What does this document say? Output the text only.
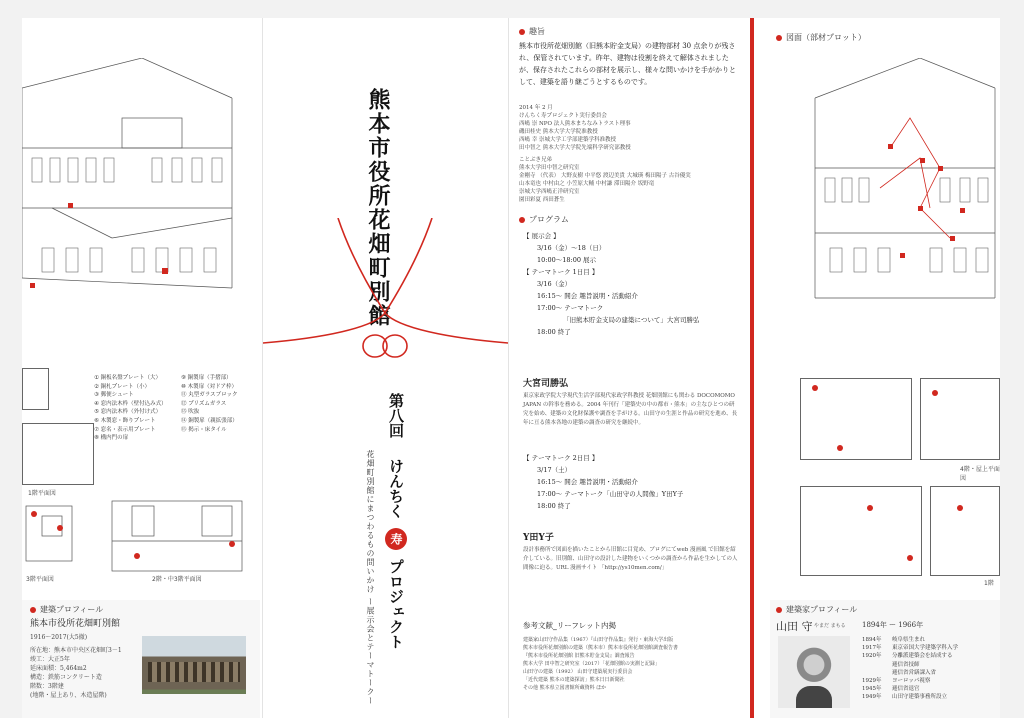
① 銅板名盤プレート（大）	⑨ 銅製扉（手摺部）
② 銅札プレート（小）	⑩ 木製扉（対ドア枠）
③ 郵便シュート	⑪ 丸型ガラスブロック
④ 窓内法木枠（壁付込み式）	⑫ プリズムガラス
⑤ 窓内法木枠（外付け式）	⑬ 吹抜
⑥ 木製窓・飾りプレート	⑭ 銅製扉（親拡張部）
⑦ 窓名・表示用プレート	⑮ 掲示・床タイル
⑧ 構内門の扉
1階平面図
3階平面図	2階・中3階平面図
建築プロフィール
熊本市役所花畑町別館
1916〜2017(大5撤)
所在地：熊本市中央区花畑町3－1
竣工：大正5年
延床面積：5,464m2
構造：鉄筋コンクリート造
階数：3階建
(地階・屋上あり、木造屋階)
熊本市役所花畑町別館
第八回  けんちく 寿 プロジェクト
花畑町別館にまつわるもの問いかけ ー展示会とテーマトークー
趣旨
熊本市役所花畑別館（旧熊本貯金支局）の建物部材 30 点余りが残され、保管されています。昨年、建物は役割を終えて解体されましたが、保存されたこれらの部材を展示し、様々な問いかけを手がかりとして、建築を語り継ごうとするものです。
2014 年 2 月
けんちく寿プロジェクト実行委員会
西嶋 崇 NPO 法人熊本まちなみトラスト理事
磯田桂史 熊本大学大学院准教授
西嶋 幸 崇城大学工学部建築学科准教授
田中智之 熊本大学大学院先端科学研究部教授
ことぶき兄弟
熊本大学田中智之研究室
金剛寺 （代表） 大野友樹 中平悠 渡辺美貴 大城瑛 梅田陽子 古谷優実
山本竜也 中村由之 小笠原大輔 中村謙 滞田陽介 坂野竜
崇城大学西嶋正洋研究室
園田彩夏 西田蒼生
プログラム
【 展示会 】
3/16（金）〜18（日）
10:00〜18:00 展示
【 テーマトーク 1日目 】
3/16（金）
16:15〜 開会 趣旨説明・活動紹介
17:00〜 テーマトーク
「旧熊本貯金支局の建築について」大宮司勝弘
18:00 終了
大宮司勝弘
東京家政学院大学現代生活学部現代家政学科教授 花畑別館にも関わる DOCOMOMO JAPAN の幹事を務める。2004 年刊行「建築史の中の都市・熊本」の主なひとつの研究を始め、建築の文化財保護や調査を手がける。山田守の生涯と作品の研究を進め、長年に亘る熊本各地の建築の調査の研究を継続中。
【 テーマトーク 2日目 】
3/17（土）
16:15〜 開会 趣旨説明・活動紹介
17:00〜 テーマトーク「山田守の人間像」Y田Y子
18:00 終了
Y田Y子
設計事務所で図面を描いたことから旧館に目覚め、ブログにてweb 漫画風 で旧館を紹介している。旧別館、山田守の設計した建物をいくつかの調査から作品を生かしての人間像に迫る。URL 漫画サイト 「http://ys10men.com/」
参考文献_リーフレット内掲
建築家山田守作品集（1967）『山田守作品集』発行・東海大学出版
熊本市役所花畑別館の建築（熊本市）熊本市役所花畑別館調査報告書
『熊本市役所花畑別館 旧熊本貯金支局』調査報告
熊本大学 田中智之研究室（2017）「花畑別館の実測と記録」
山田守の建築（1992） 山田守建築展実行委員会
「近代建築 熊本の建築探訪」熊本日日新聞社
その他 熊本県立図書館所蔵資料 ほか
図面（部材プロット）
4階・屋上平面図
1階
建築家プロフィール
山田 守 やまだ まもる 1894年 ー 1966年
1894年	岐阜県生まれ
1917年	東京帝国大学建築学科入学
1920年	分離派建築会を結成する
逓信省技師
逓信省営繕課入省
1929年	ヨーロッパ視察
1945年	逓信省退官
1949年	山田守建築事務所設立
